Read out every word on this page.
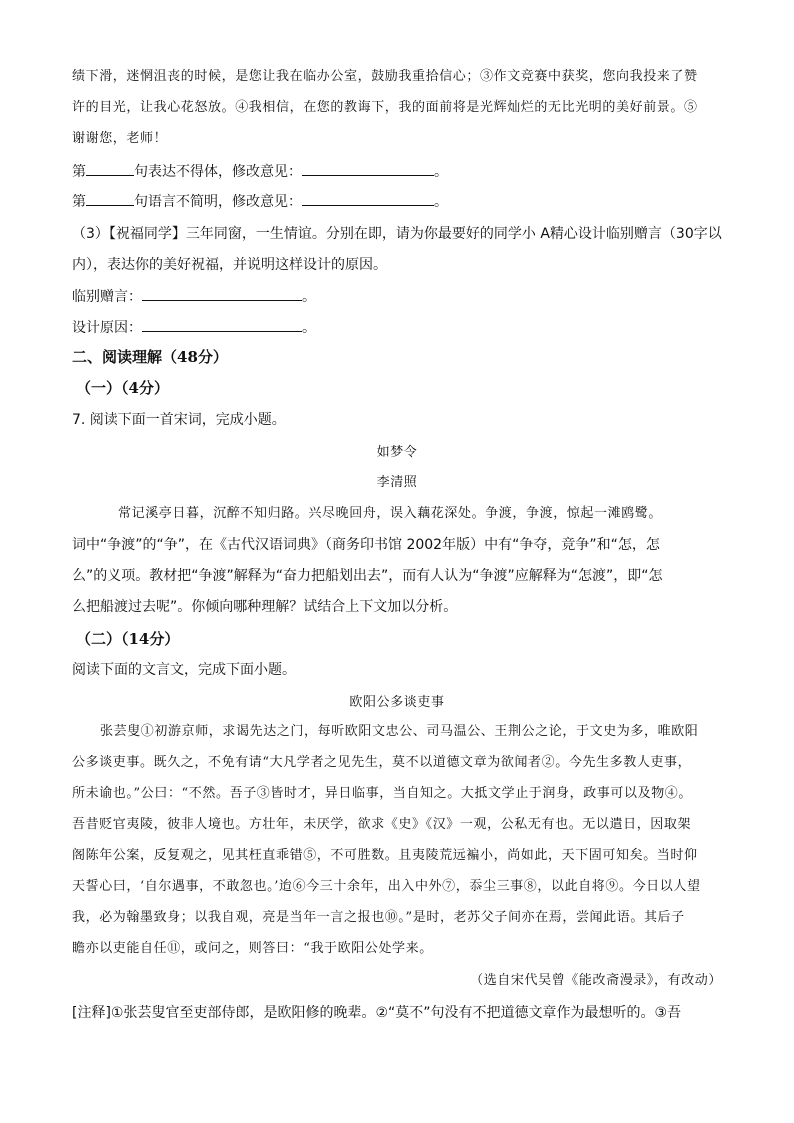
绩下滑，迷惘沮丧的时候，是您让我在临办公室，鼓励我重拾信心；③作文竞赛中获奖，您向我投来了赞
许的目光，让我心花怒放。④我相信，在您的教诲下，我的面前将是光辉灿烂的无比光明的美好前景。⑤
谢谢您，老师！
第	句表达不得体，修改意见：	。
第	句语言不简明，修改意见：	。
（3）【祝福同学】三年同窗，一生情谊。分别在即，请为你最要好的同学小 A精心设计临别赠言（30字以
内），表达你的美好祝福，并说明这样设计的原因。
临别赠言：	。
设计原因：	。
二、阅读理解（48分）
（一）（4分）
7. 阅读下面一首宋词，完成小题。
如梦令
李清照
常记溪亭日暮，沉醉不知归路。兴尽晚回舟，误入藕花深处。争渡，争渡，惊起一滩鸥鹭。
词中“争渡”的“争”，在《古代汉语词典》（商务印书馆 2002年版）中有“争夺，竞争”和“怎，怎
么”的义项。教材把“争渡”解释为“奋力把船划出去”，而有人认为“争渡”应解释为“怎渡”，即“怎
么把船渡过去呢”。你倾向哪种理解？试结合上下文加以分析。
（二）（14分）
阅读下面的文言文，完成下面小题。
欧阳公多谈吏事
张芸叟①初游京师，求谒先达之门，每听欧阳文忠公、司马温公、王荆公之论，于文史为多，唯欧阳
公多谈吏事。既久之，不免有请“大凡学者之见先生，莫不以道德文章为欲闻者②。今先生多教人吏事，
所未谕也。”公曰：“不然。吾子③皆时才，异日临事，当自知之。大抵文学止于润身，政事可以及物④。
吾昔贬官夷陵，彼非人境也。方壮年，未厌学，欲求《史》《汉》一观，公私无有也。无以遣日，因取架
阁陈年公案，反复观之，见其枉直乖错⑤，不可胜数。且夷陵荒远褊小，尚如此，天下固可知矣。当时仰
天誓心曰，‘自尔遇事，不敢忽也。’迨⑥今三十余年，出入中外⑦，忝尘三事⑧，以此自将⑨。今日以人望
我，必为翰墨致身；以我自观，亮是当年一言之报也⑩。”是时，老苏父子间亦在焉，尝闻此语。其后子
瞻亦以吏能自任⑪，或问之，则答曰：“我于欧阳公处学来。
（选自宋代吴曾《能改斋漫录》，有改动）
[注释]①张芸叟官至吏部侍郎，是欧阳修的晚辈。②“莫不”句没有不把道德文章作为最想听的。③吾
